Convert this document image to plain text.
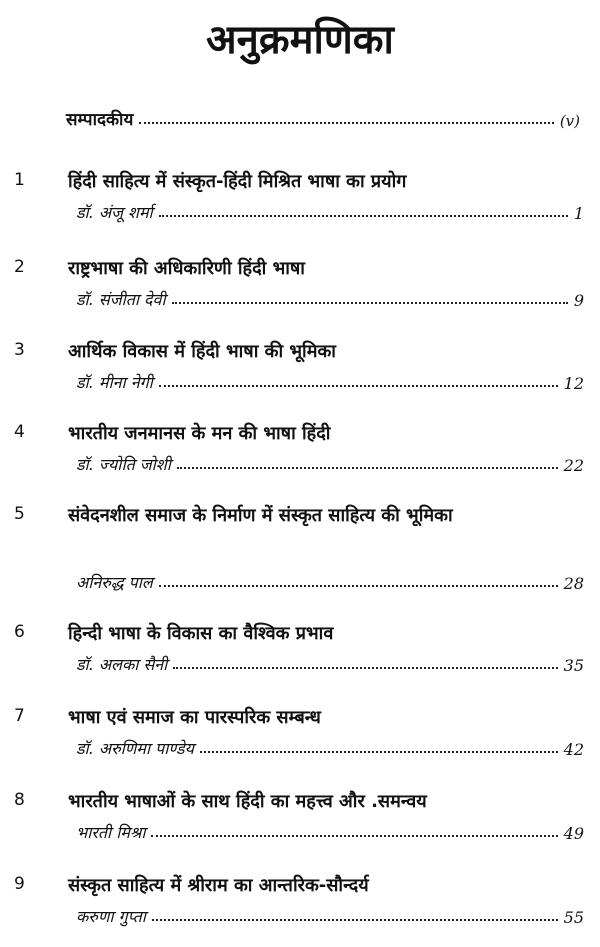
अनुक्रमणिका
सम्पादकीय	(v)
1 हिंदी साहित्य में संस्कृत-हिंदी मिश्रित भाषा का प्रयोग
डॉ. अंजू शर्मा	1
2 राष्ट्रभाषा की अधिकारिणी हिंदी भाषा
डॉ. संजीता देवी	9
3 आर्थिक विकास में हिंदी भाषा की भूमिका
डॉ. मीना नेगी	12
4 भारतीय जनमानस के मन की भाषा हिंदी
डॉ. ज्योति जोशी	22
5 संवेदनशील समाज के निर्माण में संस्कृत साहित्य की भूमिका
अनिरुद्ध पाल	28
6 हिन्दी भाषा के विकास का वैश्विक प्रभाव
डॉ. अलका सैनी	35
7 भाषा एवं समाज का पारस्परिक सम्बन्ध
डॉ. अरुणिमा पाण्डेय	42
8 भारतीय भाषाओं के साथ हिंदी का महत्त्व और .समन्वय
भारती मिश्रा	49
9 संस्कृत साहित्य में श्रीराम का आन्तरिक-सौन्दर्य
करुणा गुप्ता	55
